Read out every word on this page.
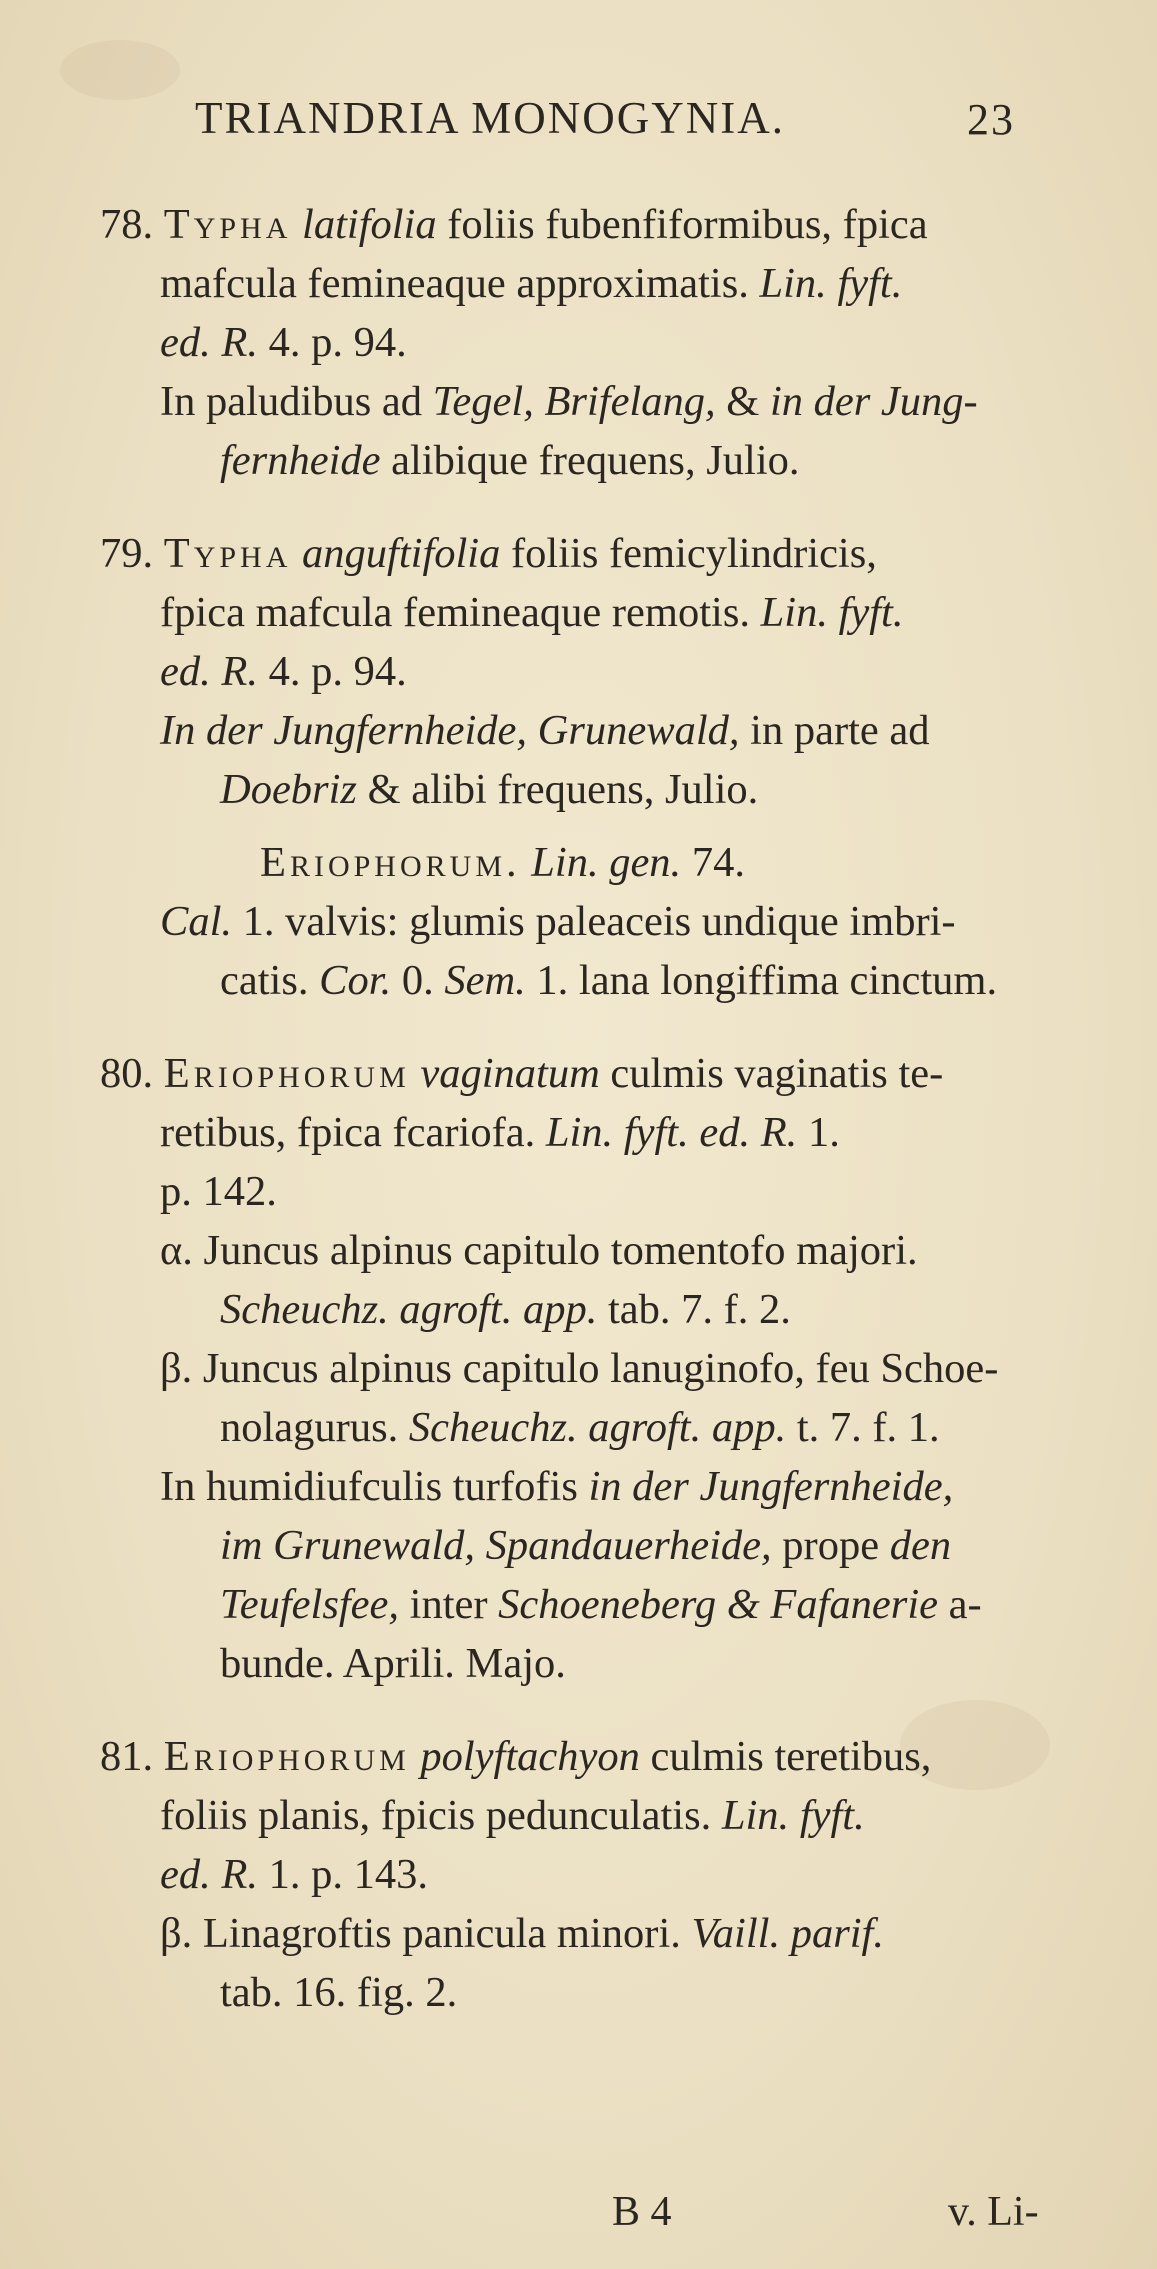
TRIANDRIA MONOGYNIA.	23

78. Typha latifolia foliis fubenfiformibus, fpica
mafcula femineaque approximatis. Lin. fyft.
ed. R. 4. p. 94.

In paludibus ad Tegel, Brifelang, & in der Jung-
fernheide alibique frequens, Julio.

79. Typha anguftifolia foliis femicylindricis,
fpica mafcula femineaque remotis. Lin. fyft.
ed. R. 4. p. 94.

In der Jungfernheide, Grunewald, in parte ad
Doebriz & alibi frequens, Julio.

Eriophorum. Lin. gen. 74.

Cal. 1. valvis: glumis paleaceis undique imbri-
catis. Cor. 0. Sem. 1. lana longiffima cinctum.

80. Eriophorum vaginatum culmis vaginatis te-
retibus, fpica fcariofa. Lin. fyft. ed. R. 1.
p. 142.

α. Juncus alpinus capitulo tomentofo majori.
Scheuchz. agroft. app. tab. 7. f. 2.

β. Juncus alpinus capitulo lanuginofo, feu Schoe-
nolagurus. Scheuchz. agroft. app. t. 7. f. 1.

In humidiufculis turfofis in der Jungfernheide,
im Grunewald, Spandauerheide, prope den
Teufelsfee, inter Schoeneberg & Fafanerie a-
bunde. Aprili. Majo.

81. Eriophorum polyftachyon culmis teretibus,
foliis planis, fpicis pedunculatis. Lin. fyft.
ed. R. 1. p. 143.

β. Linagroftis panicula minori. Vaill. parif.
tab. 16. fig. 2.

B 4	v. Li-
